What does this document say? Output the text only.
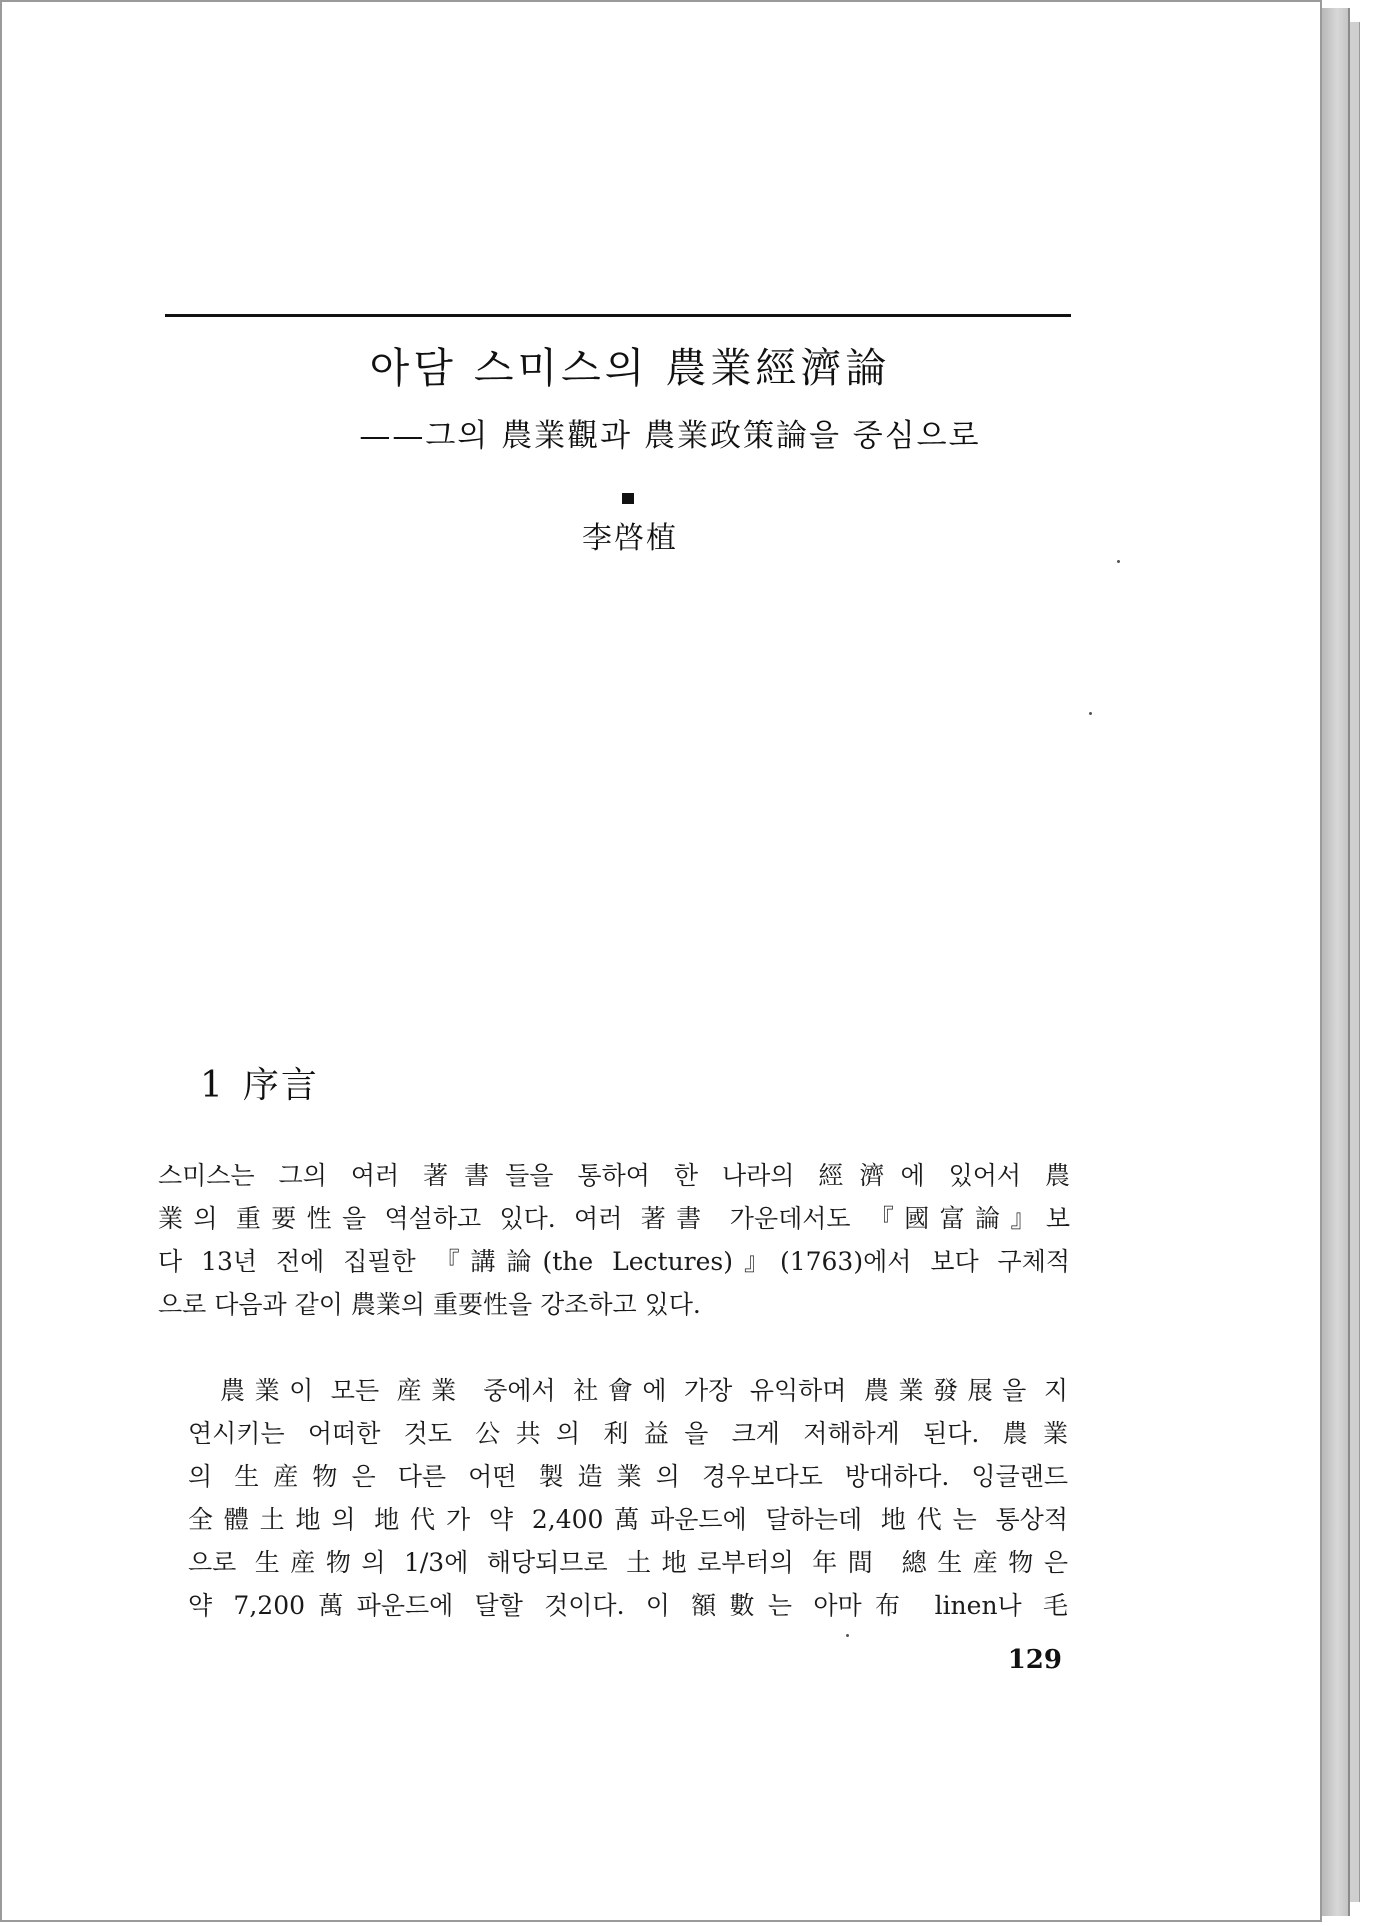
아담 스미스의 農業經濟論
——그의 農業觀과 農業政策論을 중심으로
李啓植
1 序言
스미스는 그의 여러 著書들을 통하여 한 나라의 經濟에 있어서 農
業의 重要性을 역설하고 있다. 여러 著書 가운데서도 『國富論』보
다 13년 전에 집필한 『講論(the Lectures)』(1763)에서 보다 구체적
으로 다음과 같이 農業의 重要性을 강조하고 있다.
農業이 모든 産業 중에서 社會에 가장 유익하며 農業發展을 지
연시키는 어떠한 것도 公共의 利益을 크게 저해하게 된다. 農業
의 生産物은 다른 어떤 製造業의 경우보다도 방대하다. 잉글랜드
全體土地의 地代가 약 2,400萬파운드에 달하는데 地代는 통상적
으로 生産物의 1/3에 해당되므로 土地로부터의 年間 總生産物은
약 7,200萬파운드에 달할 것이다. 이 額數는 아마布 linen나 毛
129
